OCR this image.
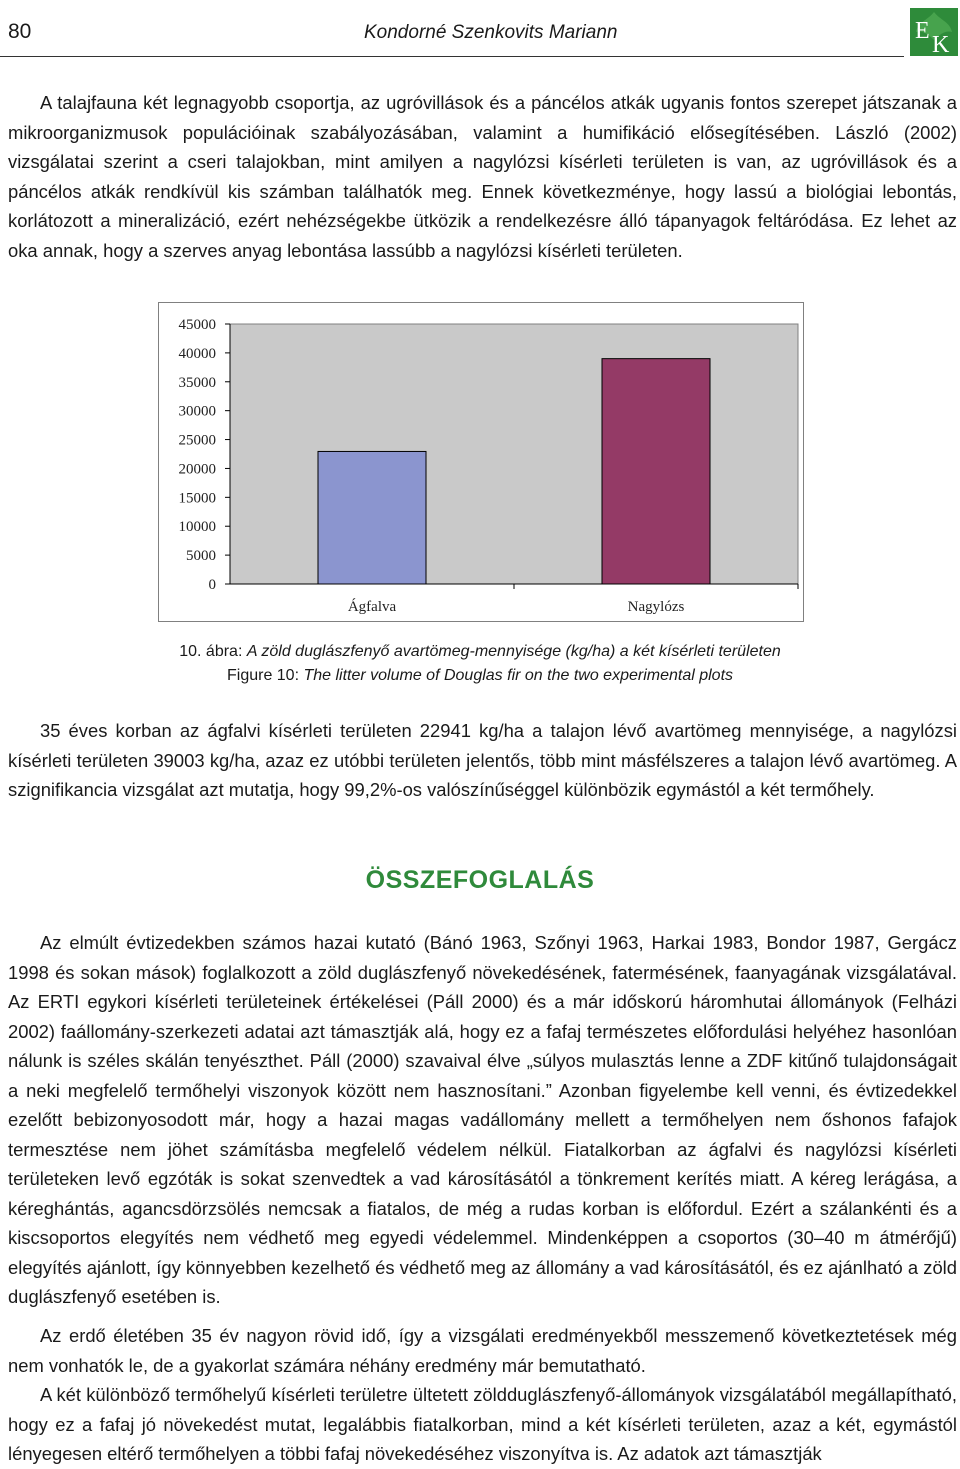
80	Kondorné Szenkovits Mariann	E
K

A talajfauna két legnagyobb csoportja, az ugróvillások és a páncélos atkák ugyanis fontos szerepet játszanak a mikroorganizmusok populációinak szabályozásában, valamint a humifikáció elősegítésében. László (2002) vizsgálatai szerint a cseri talajokban, mint amilyen a nagylózsi kísérleti területen is van, az ugróvillások és a páncélos atkák rendkívül kis számban találhatók meg. Ennek következménye, hogy lassú a biológiai lebontás, korlátozott a mineralizáció, ezért nehézségekbe ütközik a rendelkezésre álló tápanyagok feltáródása. Ez lehet az oka annak, hogy a szerves anyag lebontása lassúbb a nagylózsi kísérleti területen.

0
5000
10000
15000
20000
25000
30000
35000
40000
45000
Ágfalva	Nagylózs
10. ábra: A zöld duglászfenyő avartömeg-mennyisége (kg/ha) a két kísérleti területen
Figure 10: The litter volume of Douglas fir on the two experimental plots

35 éves korban az ágfalvi kísérleti területen 22941 kg/ha a talajon lévő avartömeg mennyisége, a nagylózsi kísérleti területen 39003 kg/ha, azaz ez utóbbi területen jelentős, több mint másfélszeres a talajon lévő avartömeg. A szignifikancia vizsgálat azt mutatja, hogy 99,2%-os valószínűséggel különbözik egymástól a két termőhely.

ÖSSZEFOGLALÁS

Az elmúlt évtizedekben számos hazai kutató (Bánó 1963, Szőnyi 1963, Harkai 1983, Bondor 1987, Gergácz 1998 és sokan mások) foglalkozott a zöld duglászfenyő növekedésének, fatermésének, faanyagának vizsgálatával. Az ERTI egykori kísérleti területeinek értékelései (Páll 2000) és a már időskorú háromhutai állományok (Felházi 2002) faállomány-szerkezeti adatai azt támasztják alá, hogy ez a fafaj természetes előfordulási helyéhez hasonlóan nálunk is széles skálán tenyészthet. Páll (2000) szavaival élve „súlyos mulasztás lenne a ZDF kitűnő tulajdonságait a neki megfelelő termőhelyi viszonyok között nem hasznosítani.” Azonban figyelembe kell venni, és évtizedekkel ezelőtt bebizonyosodott már, hogy a hazai magas vadállomány mellett a termőhelyen nem őshonos fafajok termesztése nem jöhet számításba megfelelő védelem nélkül. Fiatalkorban az ágfalvi és nagylózsi kísérleti területeken levő egzóták is sokat szenvedtek a vad károsításától a tönkrement kerítés miatt. A kéreg lerágása, a kéreghántás, agancsdörzsölés nemcsak a fiatalos, de még a rudas korban is előfordul. Ezért a szálankénti és a kiscsoportos elegyítés nem védhető meg egyedi védelemmel. Mindenképpen a csoportos (30–40 m átmérőjű) elegyítés ajánlott, így könnyebben kezelhető és védhető meg az állomány a vad károsításától, és ez ajánlható a zöld duglászfenyő esetében is.

Az erdő életében 35 év nagyon rövid idő, így a vizsgálati eredményekből messzemenő következtetések még nem vonhatók le, de a gyakorlat számára néhány eredmény már bemutatható.

A két különböző termőhelyű kísérleti területre ültetett zöldduglászfenyő-állományok vizsgálatából megállapítható, hogy ez a fafaj jó növekedést mutat, legalábbis fiatalkorban, mind a két kísérleti területen, azaz a két, egymástól lényegesen eltérő termőhelyen a többi fafaj növekedéséhez viszonyítva is. Az adatok azt támasztják
